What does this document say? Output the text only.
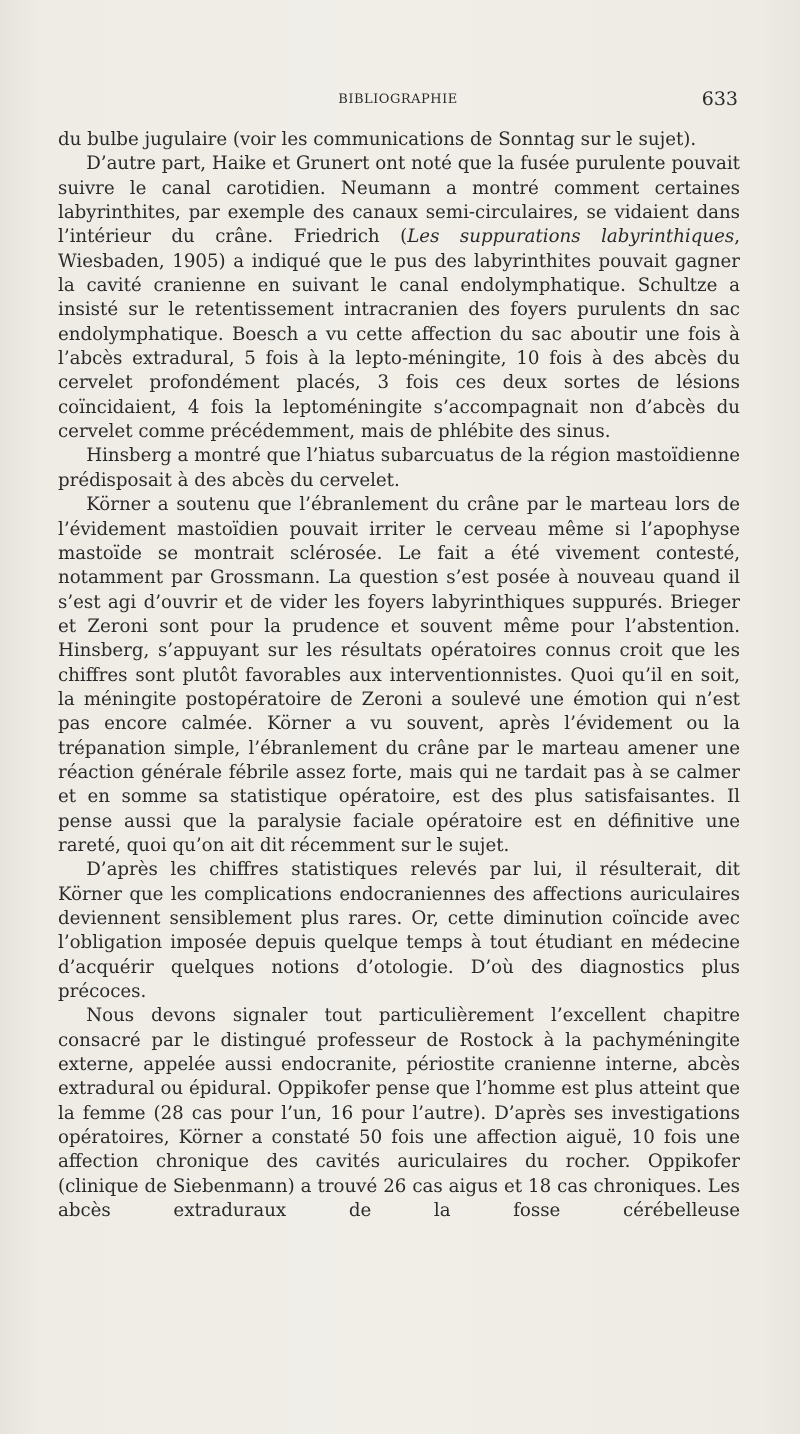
BIBLIOGRAPHIE	633

du bulbe jugulaire (voir les communications de Sonntag sur le sujet).

D’autre part, Haike et Grunert ont noté que la fusée purulente pouvait suivre le canal carotidien. Neumann a montré comment certaines labyrinthites, par exemple des canaux semi-circulaires, se vidaient dans l’intérieur du crâne. Friedrich (Les suppurations labyrinthiques, Wiesbaden, 1905) a indiqué que le pus des labyrinthites pouvait gagner la cavité cranienne en suivant le canal endolymphatique. Schultze a insisté sur le retentissement intracranien des foyers purulents dn sac endolymphatique. Boesch a vu cette affection du sac aboutir une fois à l’abcès extradural, 5 fois à la lepto-méningite, 10 fois à des abcès du cervelet profondément placés, 3 fois ces deux sortes de lésions coïncidaient, 4 fois la leptoméningite s’accompagnait non d’abcès du cervelet comme précédemment, mais de phlébite des sinus.

Hinsberg a montré que l’hiatus subarcuatus de la région mastoïdienne prédisposait à des abcès du cervelet.

Körner a soutenu que l’ébranlement du crâne par le marteau lors de l’évidement mastoïdien pouvait irriter le cerveau même si l’apophyse mastoïde se montrait sclérosée. Le fait a été vivement contesté, notamment par Grossmann. La question s’est posée à nouveau quand il s’est agi d’ouvrir et de vider les foyers labyrinthiques suppurés. Brieger et Zeroni sont pour la prudence et souvent même pour l’abstention. Hinsberg, s’appuyant sur les résultats opératoires connus croit que les chiffres sont plutôt favorables aux interventionnistes. Quoi qu’il en soit, la méningite postopératoire de Zeroni a soulevé une émotion qui n’est pas encore calmée. Körner a vu souvent, après l’évidement ou la trépanation simple, l’ébranlement du crâne par le marteau amener une réaction générale fébrile assez forte, mais qui ne tardait pas à se calmer et en somme sa statistique opératoire, est des plus satisfaisantes. Il pense aussi que la paralysie faciale opératoire est en définitive une rareté, quoi qu’on ait dit récemment sur le sujet.

D’après les chiffres statistiques relevés par lui, il résulterait, dit Körner que les complications endocraniennes des affections auriculaires deviennent sensiblement plus rares. Or, cette diminution coïncide avec l’obligation imposée depuis quelque temps à tout étudiant en médecine d’acquérir quelques notions d’otologie. D’où des diagnostics plus précoces.

Nous devons signaler tout particulièrement l’excellent chapitre consacré par le distingué professeur de Rostock à la pachyméningite externe, appelée aussi endocranite, périostite cranienne interne, abcès extradural ou épidural. Oppikofer pense que l’homme est plus atteint que la femme (28 cas pour l’un, 16 pour l’autre). D’après ses investigations opératoires, Körner a constaté 50 fois une affection aiguë, 10 fois une affection chronique des cavités auriculaires du rocher. Oppikofer (clinique de Siebenmann) a trouvé 26 cas aigus et 18 cas chroniques. Les abcès extraduraux de la fosse cérébelleuse
